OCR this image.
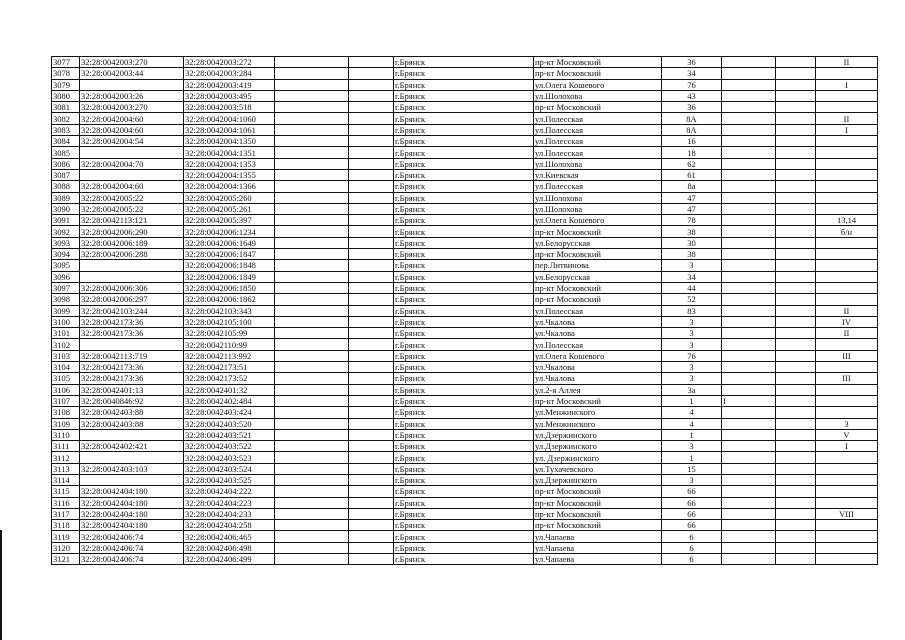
3077	32:28:0042003:270	32:28:0042003:272			г.Брянск	пр-кт Московский	36			II
3078	32:28:0042003:44	32:28:0042003:284			г.Брянск	пр-кт Московский	34			
3079		32:28:0042003:419			г.Брянск	ул.Олега Кошевого	76			I
3080	32:28:0042003:26	32:28:0042003:495			г.Брянск	ул.Шолохова	43			
3081	32:28:0042003:270	32:28:0042003:518			г.Брянск	пр-кт Московский	36			
3082	32:28:0042004:60	32:28:0042004:1060			г.Брянск	ул.Полесская	8А			II
3083	32:28:0042004:60	32:28:0042004:1061			г.Брянск	ул.Полесская	8А			I
3084	32:28:0042004:54	32:28:0042004:1350			г.Брянск	ул.Полесская	16			
3085		32:28:0042004:1351			г.Брянск	ул.Полесская	18			
3086	32:28:0042004:70	32:28:0042004:1353			г.Брянск	ул.Шолохова	62			
3087		32:28:0042004:1355			г.Брянск	ул.Киевская	61			
3088	32:28:0042004:60	32:28:0042004:1366			г.Брянск	ул.Полесская	8а			
3089	32:28:0042005:22	32:28:0042005:260			г.Брянск	ул.Шолохова	47			
3090	32:28:0042005:22	32:28:0042005:261			г.Брянск	ул.Шолохова	47			
3091	32:28:0042113:121	32:28:0042005:397			г.Брянск	ул.Олега Кошевого	78			13,14
3092	32:28:0042006:290	32:28:0042006:1234			г.Брянск	пр-кт Московский	38			б/н
3093	32:28:0042006:189	32:28:0042006:1649			г.Брянск	ул.Белорусская	30			
3094	32:28:0042006:288	32:28:0042006:1847			г.Брянск	пр-кт Московский	38			
3095		32:28:0042006:1848			г.Брянск	пер.Литвинова	3			
3096		32:28:0042006:1849			г.Брянск	ул.Белорусская	34			
3097	32:28:0042006:306	32:28:0042006:1850			г.Брянск	пр-кт Московский	44			
3098	32:28:0042006:297	32:28:0042006:1862			г.Брянск	пр-кт Московский	52			
3099	32:28:0042103:244	32:28:0042103:343			г.Брянск	ул.Полесская	83			II
3100	32:28:0042173:36	32:28:0042105:100			г.Брянск	ул.Чкалова	3			IV
3101	32:28:0042173:36	32:28:0042105:99			г.Брянск	ул.Чкалова	3			II
3102		32:28:0042110:99			г.Брянск	ул.Полесская	3			
3103	32:28:0042113:719	32:28:0042113:992			г.Брянск	ул.Олега Кошевого	76			III
3104	32:28:0042173:36	32:28:0042173:51			г.Брянск	ул.Чкалова	3			
3105	32:28:0042173:36	32:28:0042173:52			г.Брянск	ул.Чкалова	3			III
3106	32:28:0042401:13	32:28:0042401:32			г.Брянск	ул.2-я Аллея	3а			
3107	32:28:0040846:92	32:28:0042402:484			г.Брянск	пр-кт Московский	1	I		
3108	32:28:0042403:88	32:28:0042403:424			г.Брянск	ул.Менжинского	4			
3109	32:28:0042403:88	32:28:0042403:520			г.Брянск	ул.Менжинского	4			3
3110		32:28:0042403:521			г.Брянск	ул.Дзержинского	1			V
3111	32:28:0042402:421	32:28:0042403:522			г.Брянск	ул.Дзержинского	3			I
3112		32:28:0042403:523			г.Брянск	ул. Дзержинского	1			
3113	32:28:0042403:103	32:28:0042403:524			г.Брянск	ул.Тухачевского	15			
3114		32:28:0042403:525			г.Брянск	ул.Дзержинского	3			
3115	32:28:0042404:180	32:28:0042404:222			г.Брянск	пр-кт Московский	66			
3116	32:28:0042404:180	32:28:0042404:223			г.Брянск	пр-кт Московский	66			
3117	32:28:0042404:180	32:28:0042404:233			г.Брянск	пр-кт Московский	66			VIII
3118	32:28:0042404:180	32:28:0042404:258			г.Брянск	пр-кт Московский	66			
3119	32:28:0042406:74	32:28:0042406:465			г.Брянск	ул.Чапаева	6			
3120	32:28:0042406:74	32:28:0042406:498			г.Брянск	ул.Чапаева	6			
3121	32:28:0042406:74	32:28:0042406:499			г.Брянск	ул.Чапаева	6			
